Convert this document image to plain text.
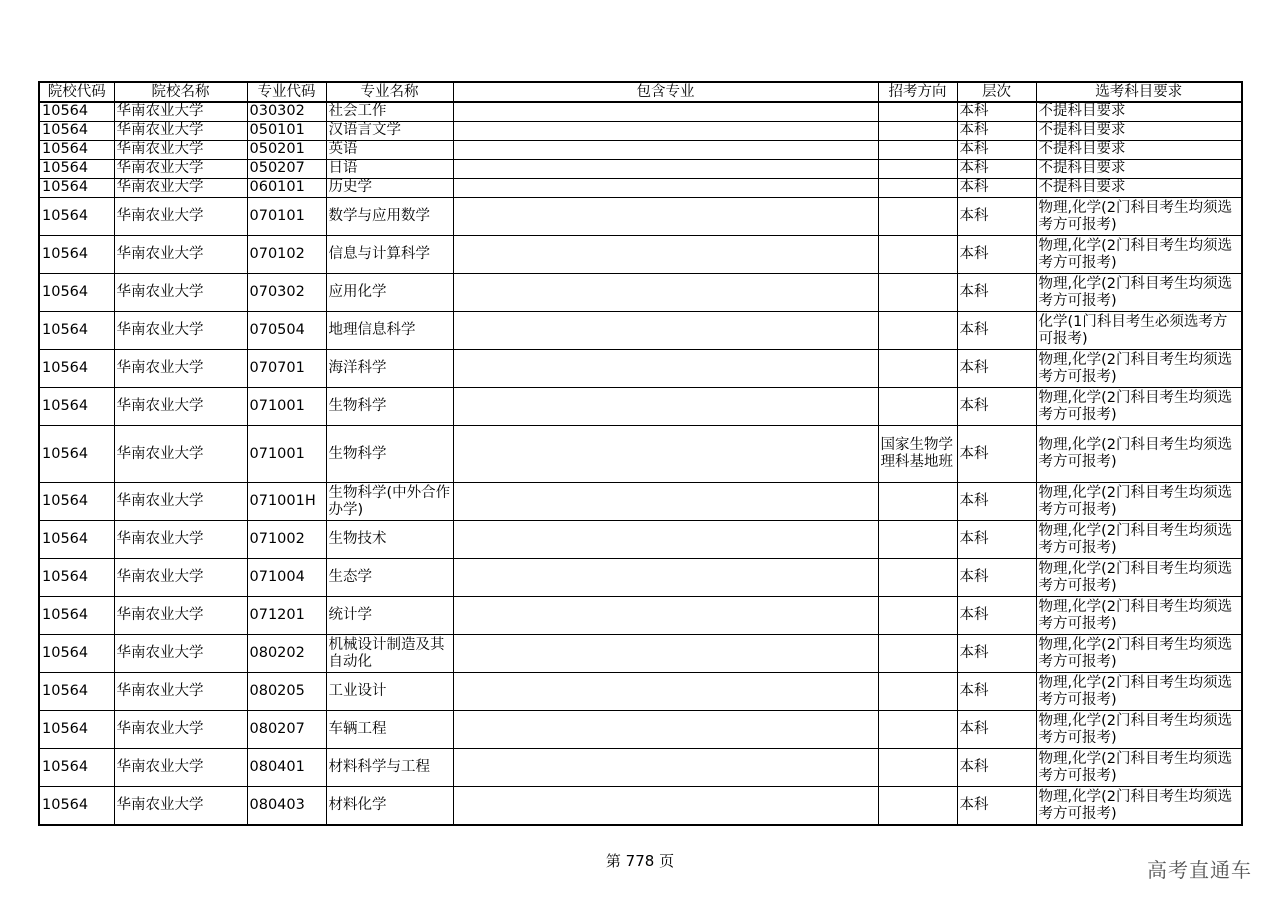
院校代码	院校名称	专业代码	专业名称	包含专业	招考方向	层次	选考科目要求
10564	华南农业大学	030302	社会工作			本科	不提科目要求
10564	华南农业大学	050101	汉语言文学			本科	不提科目要求
10564	华南农业大学	050201	英语			本科	不提科目要求
10564	华南农业大学	050207	日语			本科	不提科目要求
10564	华南农业大学	060101	历史学			本科	不提科目要求
10564	华南农业大学	070101	数学与应用数学			本科	物理,化学(2门科目考生均须选考方可报考)
10564	华南农业大学	070102	信息与计算科学			本科	物理,化学(2门科目考生均须选考方可报考)
10564	华南农业大学	070302	应用化学			本科	物理,化学(2门科目考生均须选考方可报考)
10564	华南农业大学	070504	地理信息科学			本科	化学(1门科目考生必须选考方可报考)
10564	华南农业大学	070701	海洋科学			本科	物理,化学(2门科目考生均须选考方可报考)
10564	华南农业大学	071001	生物科学			本科	物理,化学(2门科目考生均须选考方可报考)
10564	华南农业大学	071001	生物科学		国家生物学理科基地班	本科	物理,化学(2门科目考生均须选考方可报考)
10564	华南农业大学	071001H	生物科学(中外合作办学)			本科	物理,化学(2门科目考生均须选考方可报考)
10564	华南农业大学	071002	生物技术			本科	物理,化学(2门科目考生均须选考方可报考)
10564	华南农业大学	071004	生态学			本科	物理,化学(2门科目考生均须选考方可报考)
10564	华南农业大学	071201	统计学			本科	物理,化学(2门科目考生均须选考方可报考)
10564	华南农业大学	080202	机械设计制造及其自动化			本科	物理,化学(2门科目考生均须选考方可报考)
10564	华南农业大学	080205	工业设计			本科	物理,化学(2门科目考生均须选考方可报考)
10564	华南农业大学	080207	车辆工程			本科	物理,化学(2门科目考生均须选考方可报考)
10564	华南农业大学	080401	材料科学与工程			本科	物理,化学(2门科目考生均须选考方可报考)
10564	华南农业大学	080403	材料化学			本科	物理,化学(2门科目考生均须选考方可报考)
第 778 页	高考直通车
